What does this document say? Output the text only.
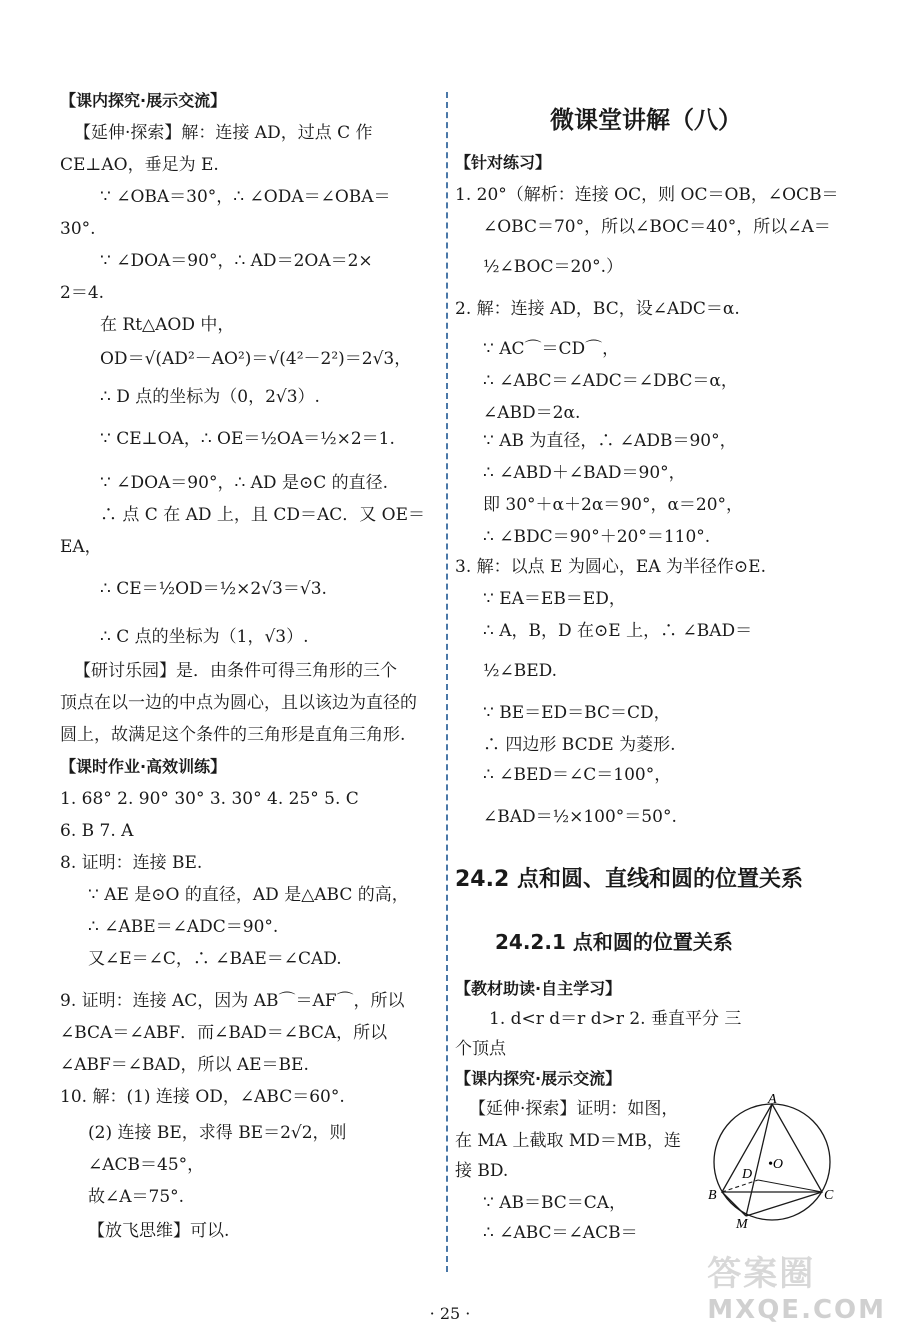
【课内探究·展示交流】
【延伸·探索】解：连接 AD，过点 C 作
CE⊥AO，垂足为 E.
∵ ∠OBA＝30°，∴ ∠ODA＝∠OBA＝
30°.
∵ ∠DOA＝90°，∴ AD＝2OA＝2×
2＝4.
在 Rt△AOD 中，
OD＝√(AD²－AO²)＝√(4²－2²)＝2√3，
∴ D 点的坐标为（0，2√3）.
∵ CE⊥OA，∴ OE＝½OA＝½×2＝1.
∵ ∠DOA＝90°，∴ AD 是⊙C 的直径.
∴ 点 C 在 AD 上，且 CD＝AC．又 OE＝
EA，
∴ CE＝½OD＝½×2√3＝√3.
∴ C 点的坐标为（1，√3）.
【研讨乐园】是．由条件可得三角形的三个
顶点在以一边的中点为圆心，且以该边为直径的
圆上，故满足这个条件的三角形是直角三角形.
【课时作业·高效训练】
1. 68° 2. 90° 30° 3. 30° 4. 25° 5. C
6. B 7. A
8. 证明：连接 BE.
∵ AE 是⊙O 的直径，AD 是△ABC 的高，
∴ ∠ABE＝∠ADC＝90°.
又∠E＝∠C，∴ ∠BAE＝∠CAD.
9. 证明：连接 AC，因为 AB⌒＝AF⌒，所以
∠BCA＝∠ABF．而∠BAD＝∠BCA，所以
∠ABF＝∠BAD，所以 AE＝BE.
10. 解：(1) 连接 OD，∠ABC＝60°.
(2) 连接 BE，求得 BE＝2√2，则
∠ACB＝45°，
故∠A＝75°.
【放飞思维】可以.
微课堂讲解（八）
【针对练习】
1. 20°（解析：连接 OC，则 OC＝OB，∠OCB＝
∠OBC＝70°，所以∠BOC＝40°，所以∠A＝
½∠BOC＝20°.）
2. 解：连接 AD，BC，设∠ADC＝α.
∵ AC⌒＝CD⌒，
∴ ∠ABC＝∠ADC＝∠DBC＝α，
∠ABD＝2α.
∵ AB 为直径，∴ ∠ADB＝90°，
∴ ∠ABD＋∠BAD＝90°，
即 30°＋α＋2α＝90°，α＝20°，
∴ ∠BDC＝90°＋20°＝110°.
3. 解：以点 E 为圆心，EA 为半径作⊙E.
∵ EA＝EB＝ED，
∴ A，B，D 在⊙E 上，∴ ∠BAD＝
½∠BED.
∵ BE＝ED＝BC＝CD，
∴ 四边形 BCDE 为菱形.
∴ ∠BED＝∠C＝100°，
∠BAD＝½×100°＝50°.
24.2 点和圆、直线和圆的位置关系
24.2.1 点和圆的位置关系
【教材助读·自主学习】
1. d<r d＝r d>r 2. 垂直平分 三
个顶点
【课内探究·展示交流】
【延伸·探索】证明：如图，
在 MA 上截取 MD＝MB，连
接 BD.
∵ AB＝BC＝CA，
∴ ∠ABC＝∠ACB＝
A
B	C
D
•O
M
· 25 ·
答案圈
MXQE.COM
